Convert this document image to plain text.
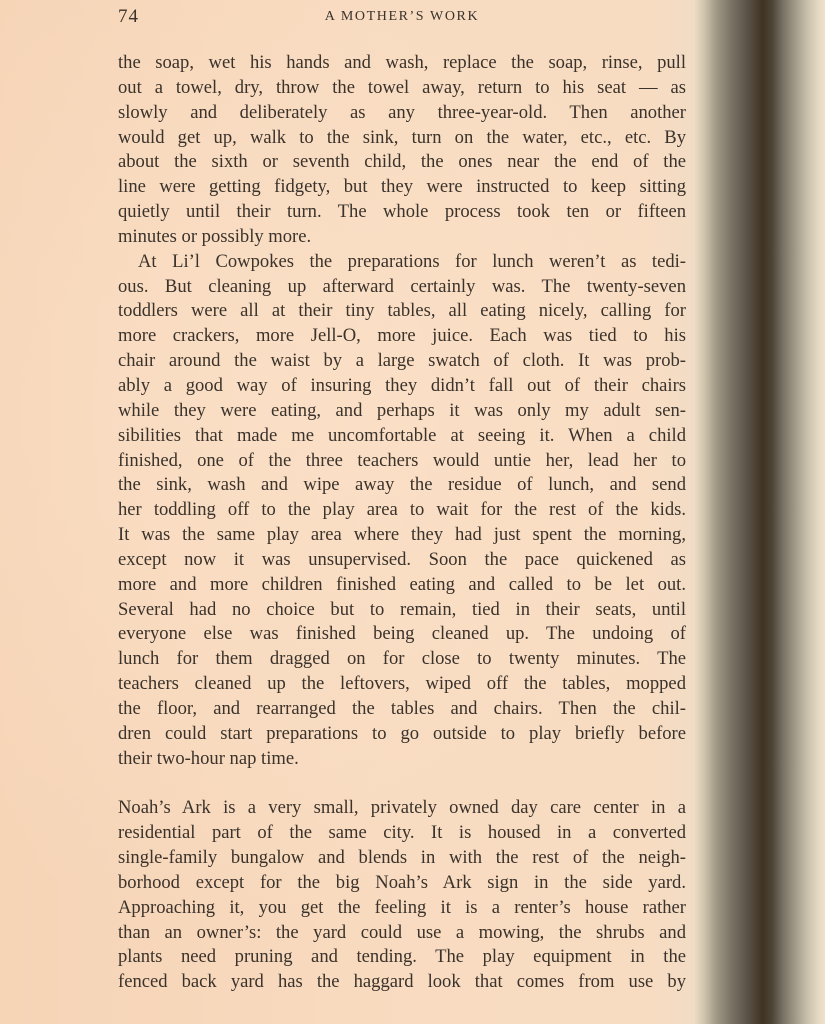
74	A MOTHER’S WORK
the soap, wet his hands and wash, replace the soap, rinse, pull
out a towel, dry, throw the towel away, return to his seat — as
slowly and deliberately as any three-year-old. Then another
would get up, walk to the sink, turn on the water, etc., etc. By
about the sixth or seventh child, the ones near the end of the
line were getting fidgety, but they were instructed to keep sitting
quietly until their turn. The whole process took ten or fifteen
minutes or possibly more.
At Li’l Cowpokes the preparations for lunch weren’t as tedi-
ous. But cleaning up afterward certainly was. The twenty-seven
toddlers were all at their tiny tables, all eating nicely, calling for
more crackers, more Jell-O, more juice. Each was tied to his
chair around the waist by a large swatch of cloth. It was prob-
ably a good way of insuring they didn’t fall out of their chairs
while they were eating, and perhaps it was only my adult sen-
sibilities that made me uncomfortable at seeing it. When a child
finished, one of the three teachers would untie her, lead her to
the sink, wash and wipe away the residue of lunch, and send
her toddling off to the play area to wait for the rest of the kids.
It was the same play area where they had just spent the morning,
except now it was unsupervised. Soon the pace quickened as
more and more children finished eating and called to be let out.
Several had no choice but to remain, tied in their seats, until
everyone else was finished being cleaned up. The undoing of
lunch for them dragged on for close to twenty minutes. The
teachers cleaned up the leftovers, wiped off the tables, mopped
the floor, and rearranged the tables and chairs. Then the chil-
dren could start preparations to go outside to play briefly before
their two-hour nap time.
Noah’s Ark is a very small, privately owned day care center in a
residential part of the same city. It is housed in a converted
single-family bungalow and blends in with the rest of the neigh-
borhood except for the big Noah’s Ark sign in the side yard.
Approaching it, you get the feeling it is a renter’s house rather
than an owner’s: the yard could use a mowing, the shrubs and
plants need pruning and tending. The play equipment in the
fenced back yard has the haggard look that comes from use by
